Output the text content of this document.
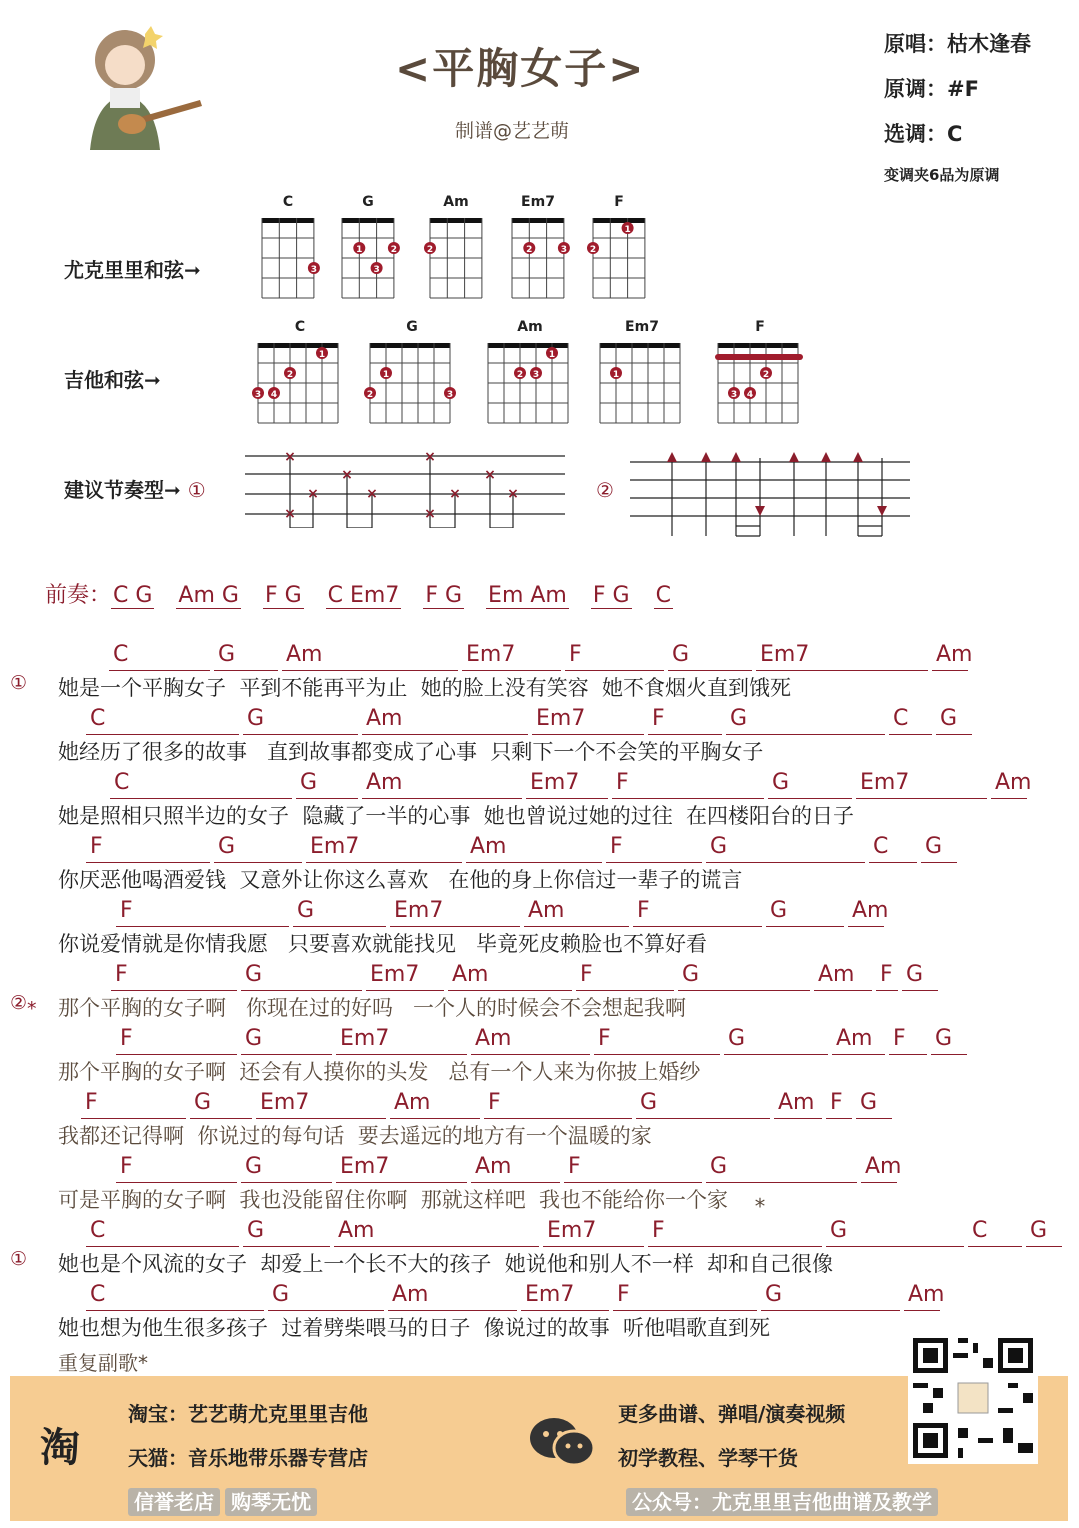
<平胸女子>
制谱@艺艺萌
原唱：枯木逢春
原调：#F
选调：C
变调夹6品为原调
尤克里里和弦➞
吉他和弦➞
建议节奏型➞ ①	②
C
3
G
1	2
3
Am
2
Em7
2	3
F
1
2
C
1
2
3 4
G
1
2	3
Am
1
2 3
Em7
1
F
2
3 4
×
×
×
×
×
×
×
×
×
×
前奏：C G Am G F G C Em7 F G Em Am F G C
①
C	G Am	Em7 F	G	Em7	Am
她是一个平胸女子  平到不能再平为止  她的脸上没有笑容  她不食烟火直到饿死
C	G	Am	Em7	F	G	C G
她经历了很多的故事   直到故事都变成了心事  只剩下一个不会笑的平胸女子
C	G Am	Em7 F	G	Em7	Am
她是照相只照半边的女子  隐藏了一半的心事  她也曾说过她的过往  在四楼阳台的日子
F	G	Em7	Am	F	G	C G
你厌恶他喝酒爱钱  又意外让你这么喜欢   在他的身上你信过一辈子的谎言
F	G	Em7	Am	F	G	Am
你说爱情就是你情我愿   只要喜欢就能找见   毕竟死皮赖脸也不算好看
②⁎
F	G	Em7 Am	F	G	Am F G
那个平胸的女子啊   你现在过的好吗   一个人的时候会不会想起我啊
F	G	Em7	Am	F	G	Am F G
那个平胸的女子啊  还会有人摸你的头发   总有一个人来为你披上婚纱
F	G Em7	Am	F	G	Am F G
我都还记得啊  你说过的每句话  要去遥远的地方有一个温暖的家
F	G	Em7	Am	F	G	Am
可是平胸的女子啊  我也没能留住你啊  那就这样吧  我也不能给你一个家    ⁎
①
C	G	Am	Em7	F	G	C G
她也是个风流的女子  却爱上一个长不大的孩子  她说他和别人不一样  却和自己很像
C	G	Am	Em7 F	G	Am
她也想为他生很多孩子  过着劈柴喂马的日子  像说过的故事  听他唱歌直到死
重复副歌*
淘
淘宝：艺艺萌尤克里里吉他
天猫：音乐地带乐器专营店
信誉老店 购琴无忧
更多曲谱、弹唱/演奏视频
初学教程、学琴干货
公众号：尤克里里吉他曲谱及教学
